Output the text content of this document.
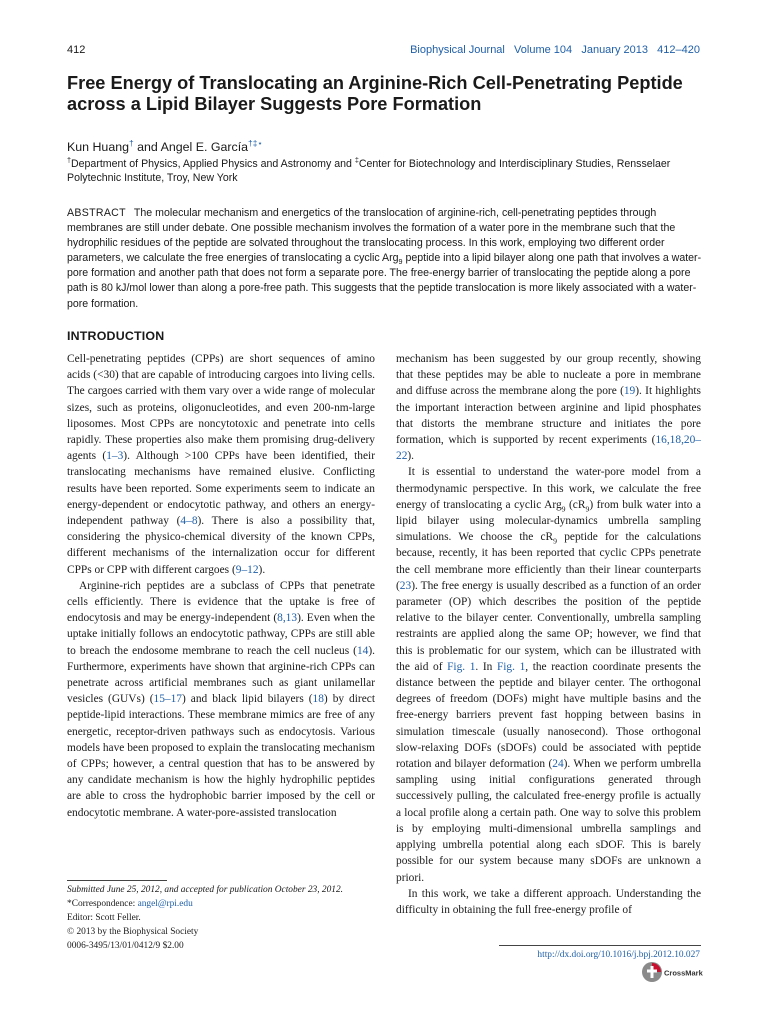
412	Biophysical Journal Volume 104 January 2013 412–420
Free Energy of Translocating an Arginine-Rich Cell-Penetrating Peptide
across a Lipid Bilayer Suggests Pore Formation
Kun Huang† and Angel E. García†‡⋆
†Department of Physics, Applied Physics and Astronomy and ‡Center for Biotechnology and Interdisciplinary Studies, Rensselaer Polytechnic Institute, Troy, New York
ABSTRACT The molecular mechanism and energetics of the translocation of arginine-rich, cell-penetrating peptides through membranes are still under debate. One possible mechanism involves the formation of a water pore in the membrane such that the hydrophilic residues of the peptide are solvated throughout the translocating process. In this work, employing two different order parameters, we calculate the free energies of translocating a cyclic Arg$_9$ peptide into a lipid bilayer along one path that involves a water-pore formation and another path that does not form a separate pore. The free-energy barrier of translocating the peptide along a pore path is 80 kJ/mol lower than along a pore-free path. This suggests that the peptide translocation is more likely associated with a water-pore formation.
INTRODUCTION

Cell-penetrating peptides (CPPs) are short sequences of amino acids (<30) that are capable of introducing cargoes into living cells. The cargoes carried with them vary over a wide range of molecular sizes, such as proteins, oligonucleotides, and even 200-nm-large liposomes. Most CPPs are noncytotoxic and penetrate into cells rapidly. These properties also make them promising drug-delivery agents (1–3). Although >100 CPPs have been identified, their translocating mechanisms have remained elusive. Conflicting results have been reported. Some experiments seem to indicate an energy-dependent or endocytotic pathway, and others an energy-independent pathway (4–8). There is also a possibility that, considering the physico-chemical diversity of the known CPPs, different mechanisms of the internalization occur for different CPPs or CPP with different cargoes (9–12).

Arginine-rich peptides are a subclass of CPPs that penetrate cells efficiently. There is evidence that the uptake is free of endocytosis and may be energy-independent (8,13). Even when the uptake initially follows an endocytotic pathway, CPPs are still able to breach the endosome membrane to reach the cell nucleus (14). Furthermore, experiments have shown that arginine-rich CPPs can penetrate across artificial membranes such as giant unilamellar vesicles (GUVs) (15–17) and black lipid bilayers (18) by direct peptide-lipid interactions. These membrane mimics are free of any energetic, receptor-driven pathways such as endocytosis. Various models have been proposed to explain the translocating mechanism of CPPs; however, a central question that has to be answered by any candidate mechanism is how the highly hydrophilic peptides are able to cross the hydrophobic barrier imposed by the cell or endocytotic membrane. A water-pore-assisted translocation

mechanism has been suggested by our group recently, showing that these peptides may be able to nucleate a pore in membrane and diffuse across the membrane along the pore (19). It highlights the important interaction between arginine and lipid phosphates that distorts the membrane structure and initiates the pore formation, which is supported by recent experiments (16,18,20–22).

It is essential to understand the water-pore model from a thermodynamic perspective. In this work, we calculate the free energy of translocating a cyclic Arg$_9$ $(cR_9)$ from bulk water into a lipid bilayer using molecular-dynamics umbrella sampling simulations. We choose the $cR_9$ peptide for the calculations because, recently, it has been reported that cyclic CPPs penetrate the cell membrane more efficiently than their linear counterparts (23). The free energy is usually described as a function of an order parameter (OP) which describes the position of the peptide relative to the bilayer center. Conventionally, umbrella sampling restraints are applied along the same OP; however, we find that this is problematic for our system, which can be illustrated with the aid of Fig. 1. In Fig. 1, the reaction coordinate presents the distance between the peptide and bilayer center. The orthogonal degrees of freedom (DOFs) might have multiple basins and the free-energy barriers prevent fast hopping between basins in simulation timescale (usually nanosecond). Those orthogonal slow-relaxing DOFs (sDOFs) could be associated with peptide rotation and bilayer deformation (24). When we perform umbrella sampling using initial configurations generated through successively pulling, the calculated free-energy profile is actually a local profile along a certain path. One way to solve this problem is by employing multi-dimensional umbrella samplings and applying umbrella potential along each sDOF. This is barely possible for our system because many sDOFs are unknown a priori.

In this work, we take a different approach. Understanding the difficulty in obtaining the full free-energy profile of

Submitted June 25, 2012, and accepted for publication October 23, 2012.
*Correspondence: angel@rpi.edu
Editor: Scott Feller.
© 2013 by the Biophysical Society
0006-3495/13/01/0412/9 $2.00
http://dx.doi.org/10.1016/j.bpj.2012.10.027
CrossMark
